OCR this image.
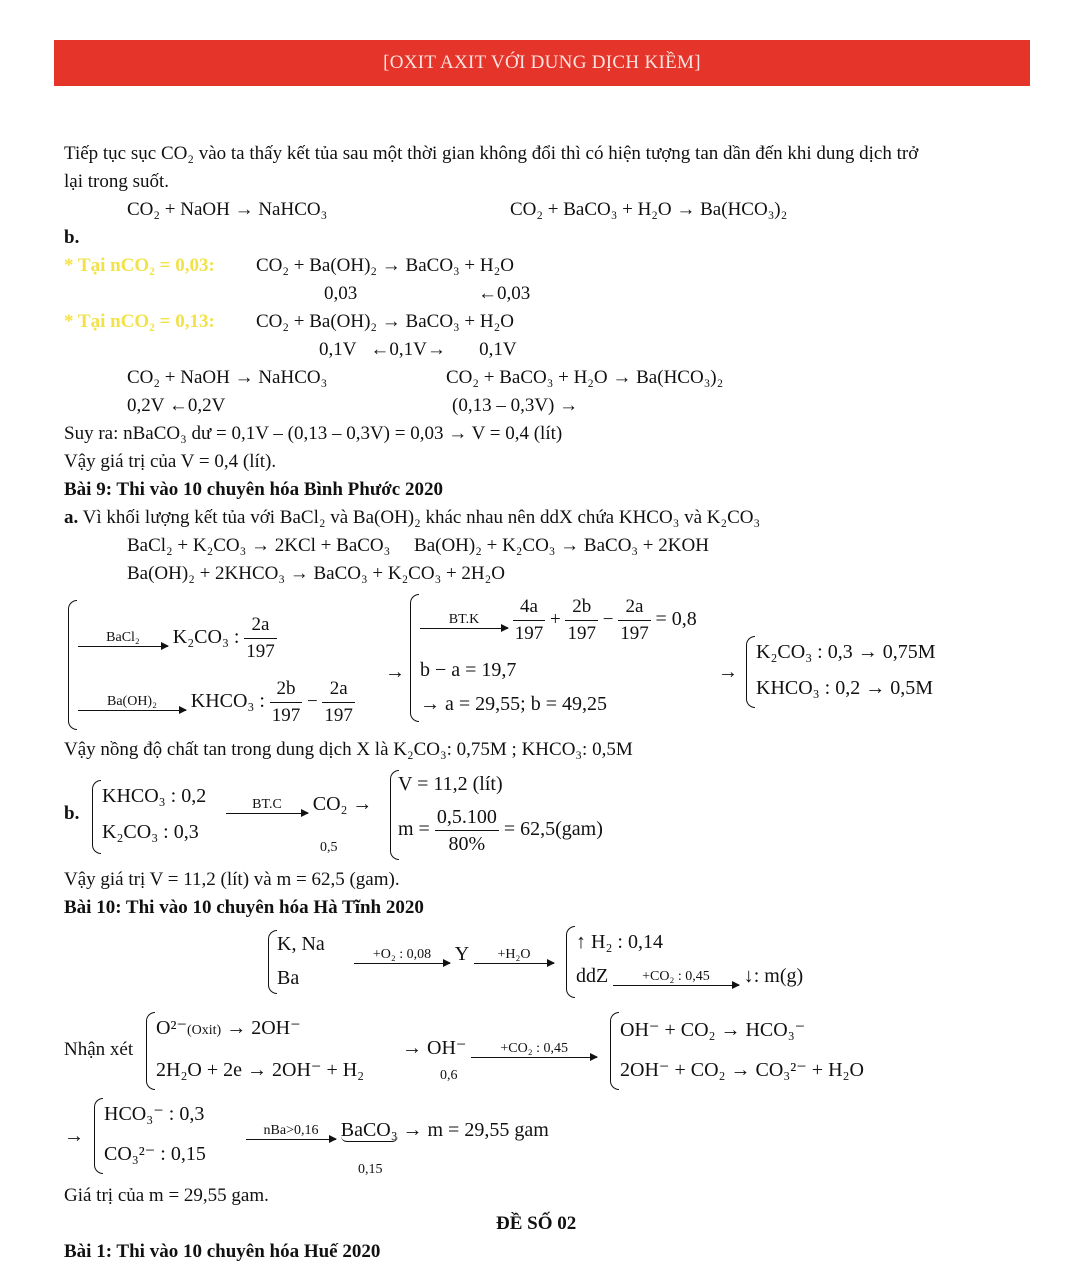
[OXIT AXIT VỚI DUNG DỊCH KIỀM]
Tiếp tục sục CO₂ vào ta thấy kết tủa sau một thời gian không đổi thì có hiện tượng tan dần đến khi dung dịch trở
lại trong suốt.
CO₂ + NaOH → NaHCO₃	CO₂ + BaCO₃ + H₂O → Ba(HCO₃)₂
b.
* Tại nCO₂ = 0,03: CO₂ + Ba(OH)₂ → BaCO₃ + H₂O
0,03	←0,03
* Tại nCO₂ = 0,13: CO₂ + Ba(OH)₂ → BaCO₃ + H₂O
0,1V   ←0,1V→       0,1V
CO₂ + NaOH → NaHCO₃	CO₂ + BaCO₃ + H₂O → Ba(HCO₃)₂
0,2V ←0,2V	(0,13 – 0,3V) →
Suy ra: nBaCO₃ dư = 0,1V – (0,13 – 0,3V) = 0,03 → V = 0,4 (lít)
Vậy giá trị của V = 0,4 (lít).
Bài 9: Thi vào 10 chuyên hóa Bình Phước 2020
a. Vì khối lượng kết tủa với BaCl₂ và Ba(OH)₂ khác nhau nên ddX chứa KHCO₃ và K₂CO₃
BaCl₂ + K₂CO₃ → 2KCl + BaCO₃     Ba(OH)₂ + K₂CO₃ → BaCO₃ + 2KOH
Ba(OH)₂ + 2KHCO₃ → BaCO₃ + K₂CO₃ + 2H₂O
BaCl₂	K₂CO₃ : $\frac{2a}{197}$
Ba(OH)₂	KHCO₃ : $\frac{2b}{197} - \frac{2a}{197}$
→
BT.K
	$\frac{4a}{197} + \frac{2b}{197} - \frac{2a}{197} = 0,8$
b − a = 19,7
→ a = 29,55; b = 49,25
→
K₂CO₃ : 0,3 → 0,75M
KHCO₃ : 0,2 → 0,5M
Vậy nồng độ chất tan trong dung dịch X là K₂CO₃: 0,75M ; KHCO₃: 0,5M
b.
KHCO₃ : 0,2
K₂CO₃ : 0,3
BT.C	CO₂ →
0,5
V = 11,2 (lít)
$m = \frac{0,5.100}{80\%} = 62,5(gam)$
Vậy giá trị V = 11,2 (lít) và m = 62,5 (gam).
Bài 10: Thi vào 10 chuyên hóa Hà Tĩnh 2020
K, Na
Ba
+O₂ : 0,08	Y	+H₂O
↑ H₂ : 0,14
ddZ	+CO₂ : 0,45	↓: m(g)
Nhận xét
O²⁻(Oxit) → 2OH⁻
2H₂O + 2e → 2OH⁻ + H₂
→ OH⁻	+CO₂ : 0,45
0,6
OH⁻ + CO₂ → HCO₃⁻
2OH⁻ + CO₂ → CO₃²⁻ + H₂O
→
HCO₃⁻ : 0,3
CO₃²⁻ : 0,15
nBa>0,16	BaCO₃ → m = 29,55 gam
0,15
Giá trị của m = 29,55 gam.
ĐỀ SỐ 02
Bài 1: Thi vào 10 chuyên hóa Huế 2020
